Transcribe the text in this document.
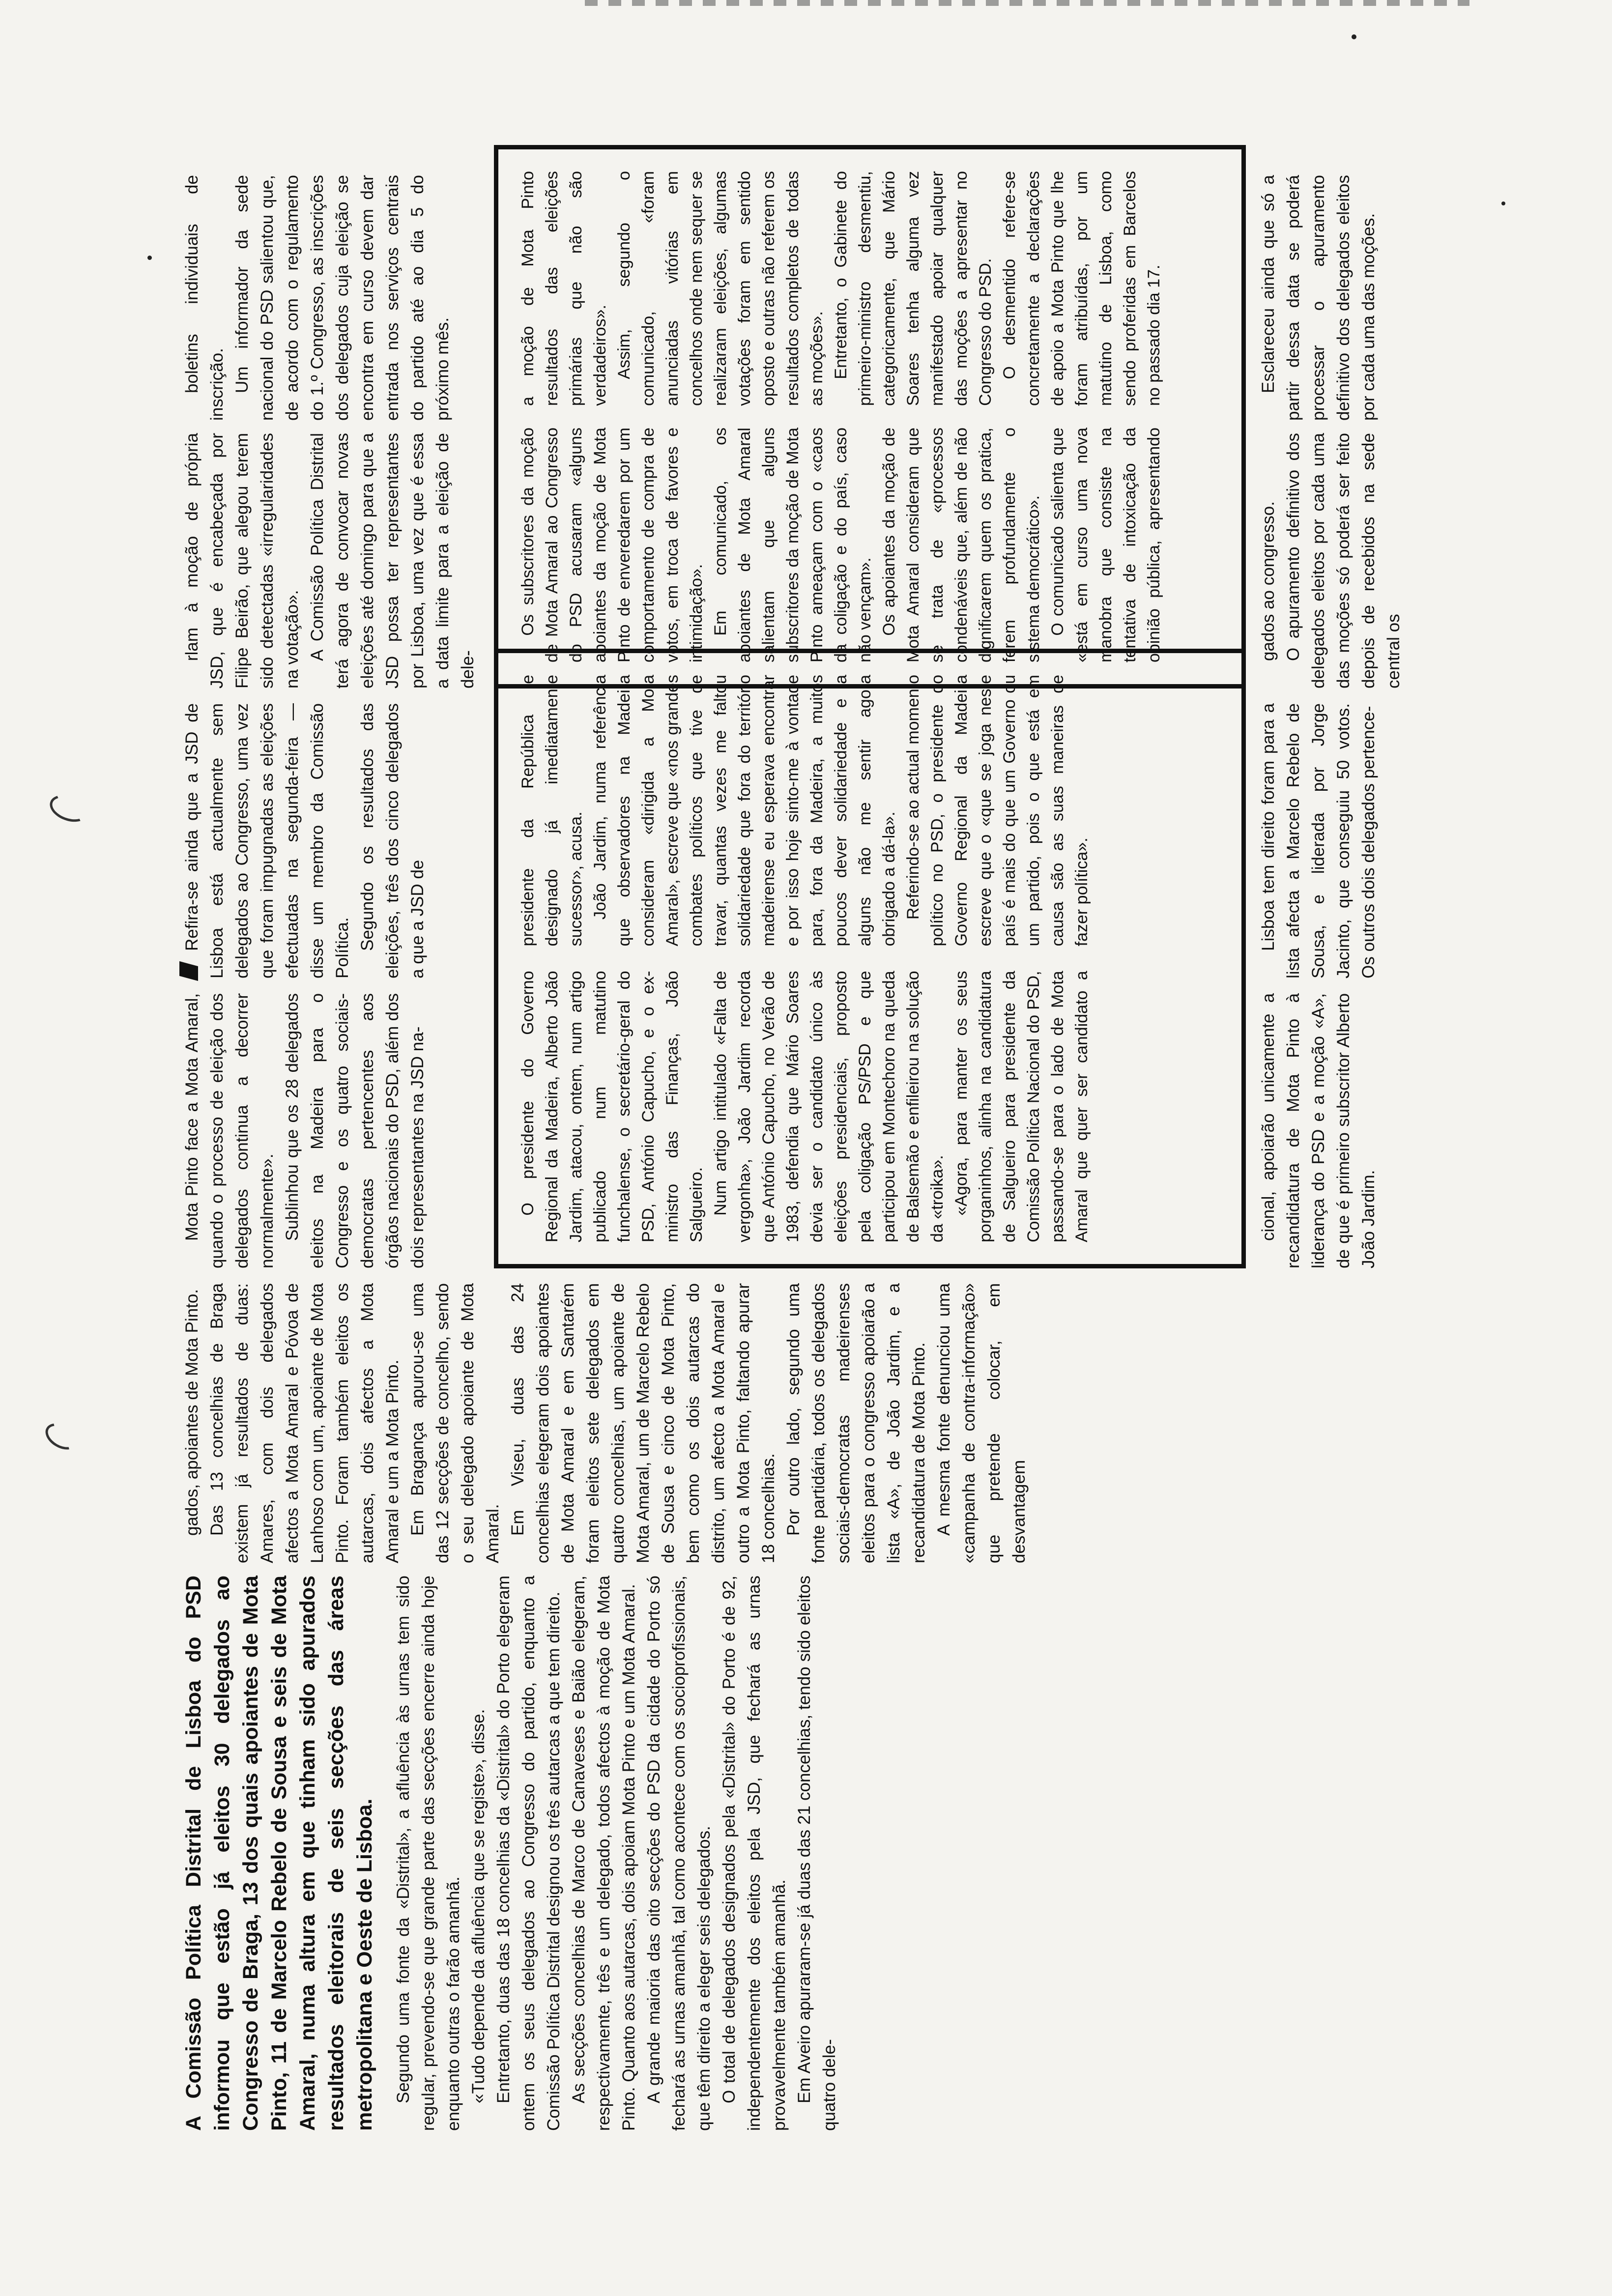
A Comissão Política Distrital de Lisboa do PSD informou que estão já eleitos 30 delegados ao Congresso de Braga, 13 dos quais apoiantes de Mota Pinto, 11 de Marcelo Rebelo de Sousa e seis de Mota Amaral, numa altura em que tinham sido apurados resultados eleitorais de seis secções das áreas metropolitana e Oeste de Lisboa. Segundo uma fonte da «Distrital», a afluência às urnas tem sido regular, prevendo-se que grande parte das secções encerre ainda hoje enquanto outras o farão amanhã. «Tudo depende da afluência que se registe», disse. Entretanto, duas das 18 concelhias da «Distrital» do Porto elegeram ontem os seus delegados ao Congresso do partido, enquanto a Comissão Política Distrital designou os três autarcas a que tem direito. As secções concelhias de Marco de Canaveses e Baião elegeram, respectivamente, três e um delegado, todos afectos à moção de Mota Pinto. Quanto aos autarcas, dois apoiam Mota Pinto e um Mota Amaral. A grande maioria das oito secções do PSD da cidade do Porto só fechará as urnas amanhã, tal como acontece com os socioprofissionais, que têm direito a eleger seis delegados. O total de delegados designados pela «Distrital» do Porto é de 92, independentemente dos eleitos pela JSD, que fechará as urnas provavelmente também amanhã. Em Aveiro apuraram-se já duas das 21 concelhias, tendo sido eleitos quatro dele-

gados, apoiantes de Mota Pinto. Das 13 concelhias de Braga existem já resultados de duas: Amares, com dois delegados afectos a Mota Amaral e Póvoa de Lanhoso com um, apoiante de Mota Pinto. Foram também eleitos os autarcas, dois afectos a Mota Amaral e um a Mota Pinto. Em Bragança apurou-se uma das 12 secções de concelho, sendo o seu delegado apoiante de Mota Amaral. Em Viseu, duas das 24 concelhias elegeram dois apoiantes de Mota Amaral e em Santarém foram eleitos sete delegados em quatro concelhias, um apoiante de Mota Amaral, um de Marcelo Rebelo de Sousa e cinco de Mota Pinto, bem como os dois autarcas do distrito, um afecto a Mota Amaral e outro a Mota Pinto, faltando apurar 18 concelhias. Por outro lado, segundo uma fonte partidária, todos os delegados sociais-democratas madeirenses eleitos para o congresso apoiarão a lista «A», de João Jardim, e a recandidatura de Mota Pinto. A mesma fonte denunciou uma «campanha de contra-informação» que pretende colocar, em desvantagem

Mota Pinto face a Mota Amaral, quando o processo de eleição dos delegados continua a decorrer normalmente». Sublinhou que os 28 delegados eleitos na Madeira para o Congresso e os quatro sociais-democratas pertencentes aos órgãos nacionais do PSD, além dos dois representantes na JSD na-

Refira-se ainda que a JSD de Lisboa está actualmente sem delegados ao Congresso, uma vez que foram impugnadas as eleições efectuadas na segunda-feira — disse um membro da Comissão Política. Segundo os resultados das eleições, três dos cinco delegados a que a JSD de

rlam à moção de própria JSD, que é encabeçada por Filipe Beirão, que alegou terem sido detectadas «irregularidades na votação». A Comissão Política Distrital terá agora de convocar novas eleições até domingo para que a JSD possa ter representantes por Lisboa, uma vez que é essa a data limite para a eleição de dele-

boletins individuais de inscrição. Um informador da sede nacional do PSD salientou que, de acordo com o regulamento do 1.º Congresso, as inscrições dos delegados cuja eleição se encontra em curso devem dar entrada nos serviços centrais do partido até ao dia 5 do próximo mês.

O presidente do Governo Regional da Madeira, Alberto João Jardim, atacou, ontem, num artigo publicado num matutino funchalense, o secretário-geral do PSD, António Capucho, e o ex-ministro das Finanças, João Salgueiro. Num artigo intitulado «Falta de vergonha», João Jardim recorda que António Capucho, no Verão de 1983, defendia que Mário Soares devia ser o candidato único às eleições presidenciais, proposto pela coligação PS/PSD e que participou em Montechoro na queda de Balsemão e enfileirou na solução da «troika». «Agora, para manter os seus porganinhos, alinha na candidatura de Salgueiro para presidente da Comissão Política Nacional do PSD, passando-se para o lado de Mota Amaral que quer ser candidato a presidente da República e designado já imediatamente sucessor», acusa. João Jardim, numa referência que observadores na Madeira consideram «dirigida a Mota Amaral», escreve que «nos grandes combates políticos que tive de travar, quantas vezes me faltou solidariedade que fora do território madeirense eu esperava encontrar e por isso hoje sinto-me à vontade para, fora da Madeira, a muitos poucos dever solidariedade e a alguns não me sentir agora obrigado a dá-la». Referindo-se ao actual momento político no PSD, o presidente do Governo Regional da Madeira escreve que o «que se joga neste país é mais do que um Governo ou um partido, pois o que está em causa são as suas maneiras de fazer política».

Os subscritores da moção de Mota Amaral ao Congresso do PSD acusaram «alguns apoiantes da moção de Mota Pinto de enveredarem por um comportamento de compra de votos, em troca de favores e intimidação». Em comunicado, os apoiantes de Mota Amaral salientam que alguns subscritores da moção de Mota Pinto ameaçam com o «caos da coligação e do país, caso não vençam». Os apoiantes da moção de Mota Amaral consideram que se trata de «processos condenáveis que, além de não dignificarem quem os pratica, ferem profundamente o sistema democrático». O comunicado salienta que «está em curso uma nova manobra que consiste na tentativa de intoxicação da opinião pública, apresentando a moção de Mota Pinto resultados das eleições primárias que não são verdadeiros». Assim, segundo o comunicado, «foram anunciadas vitórias em concelhos onde nem sequer se realizaram eleições, algumas votações foram em sentido oposto e outras não referem os resultados completos de todas as moções». Entretanto, o Gabinete do primeiro-ministro desmentiu, categoricamente, que Mário Soares tenha alguma vez manifestado apoiar qualquer das moções a apresentar no Congresso do PSD. O desmentido refere-se concretamente a declarações de apoio a Mota Pinto que lhe foram atribuídas, por um matutino de Lisboa, como sendo proferidas em Barcelos no passado dia 17.

cional, apoiarão unicamente a recandidatura de Mota Pinto à liderança do PSD e a moção «A», de que é primeiro subscritor Alberto João Jardim.

Lisboa tem direito foram para a lista afecta a Marcelo Rebelo de Sousa, e liderada por Jorge Jacinto, que conseguiu 50 votos. Os outros dois delegados pertence-

gados ao congresso. O apuramento definitivo dos delegados eleitos por cada uma das moções só poderá ser feito depois de recebidos na sede central os

Esclareceu ainda que só a partir dessa data se poderá processar o apuramento definitivo dos delegados eleitos por cada uma das moções.
